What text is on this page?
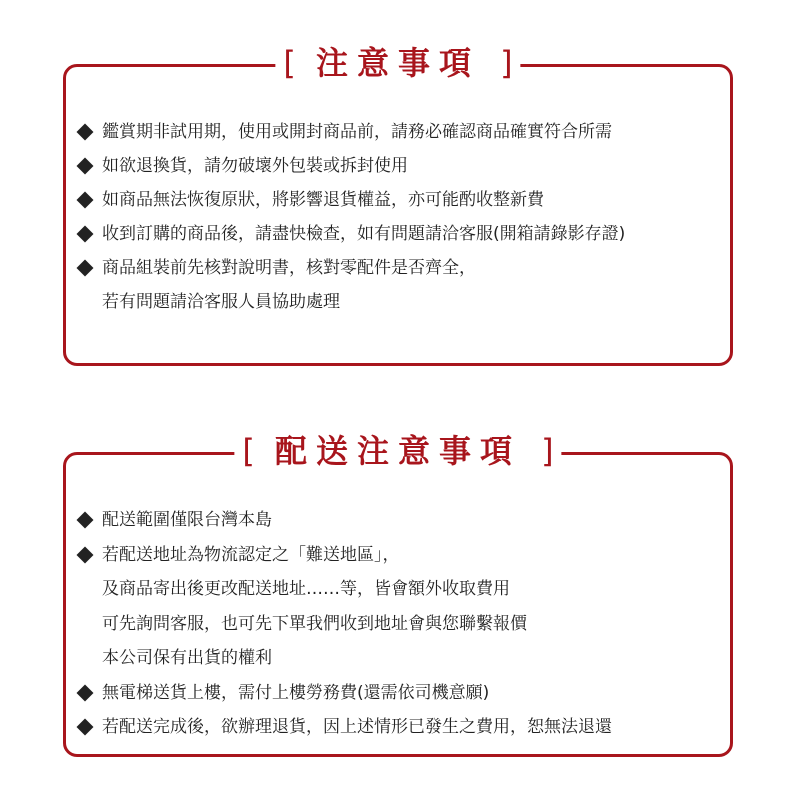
[ 注意事項 ]
鑑賞期非試用期，使用或開封商品前，請務必確認商品確實符合所需
如欲退換貨，請勿破壞外包裝或拆封使用
如商品無法恢復原狀，將影響退貨權益，亦可能酌收整新費
收到訂購的商品後，請盡快檢查，如有問題請洽客服(開箱請錄影存證)
商品組裝前先核對說明書，核對零配件是否齊全，
若有問題請洽客服人員協助處理
[ 配送注意事項 ]
配送範圍僅限台灣本島
若配送地址為物流認定之「難送地區」，
及商品寄出後更改配送地址……等，皆會額外收取費用
可先詢問客服，也可先下單我們收到地址會與您聯繫報價
本公司保有出貨的權利
無電梯送貨上樓，需付上樓勞務費(還需依司機意願)
若配送完成後，欲辦理退貨，因上述情形已發生之費用，恕無法退還
